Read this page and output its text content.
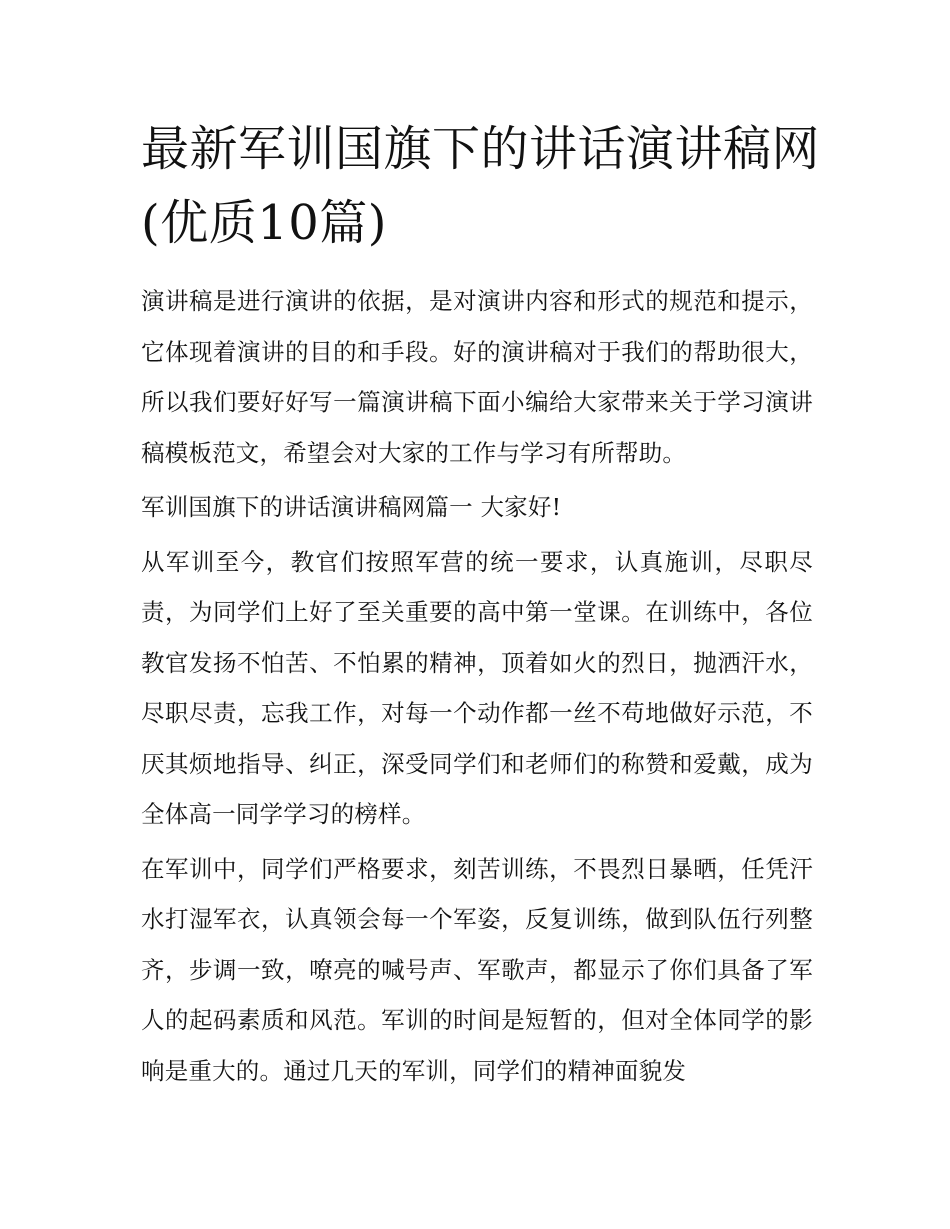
最新军训国旗下的讲话演讲稿网(优质10篇)

演讲稿是进行演讲的依据，是对演讲内容和形式的规范和提示，它体现着演讲的目的和手段。好的演讲稿对于我们的帮助很大，所以我们要好好写一篇演讲稿下面小编给大家带来关于学习演讲稿模板范文，希望会对大家的工作与学习有所帮助。

军训国旗下的讲话演讲稿网篇一 大家好!

从军训至今，教官们按照军营的统一要求，认真施训，尽职尽责，为同学们上好了至关重要的高中第一堂课。在训练中，各位教官发扬不怕苦、不怕累的精神，顶着如火的烈日，抛洒汗水，尽职尽责，忘我工作，对每一个动作都一丝不苟地做好示范，不厌其烦地指导、纠正，深受同学们和老师们的称赞和爱戴，成为全体高一同学学习的榜样。

在军训中，同学们严格要求，刻苦训练，不畏烈日暴晒，任凭汗水打湿军衣，认真领会每一个军姿，反复训练，做到队伍行列整齐，步调一致，嘹亮的喊号声、军歌声，都显示了你们具备了军人的起码素质和风范。军训的时间是短暂的，但对全体同学的影响是重大的。通过几天的军训，同学们的精神面貌发
